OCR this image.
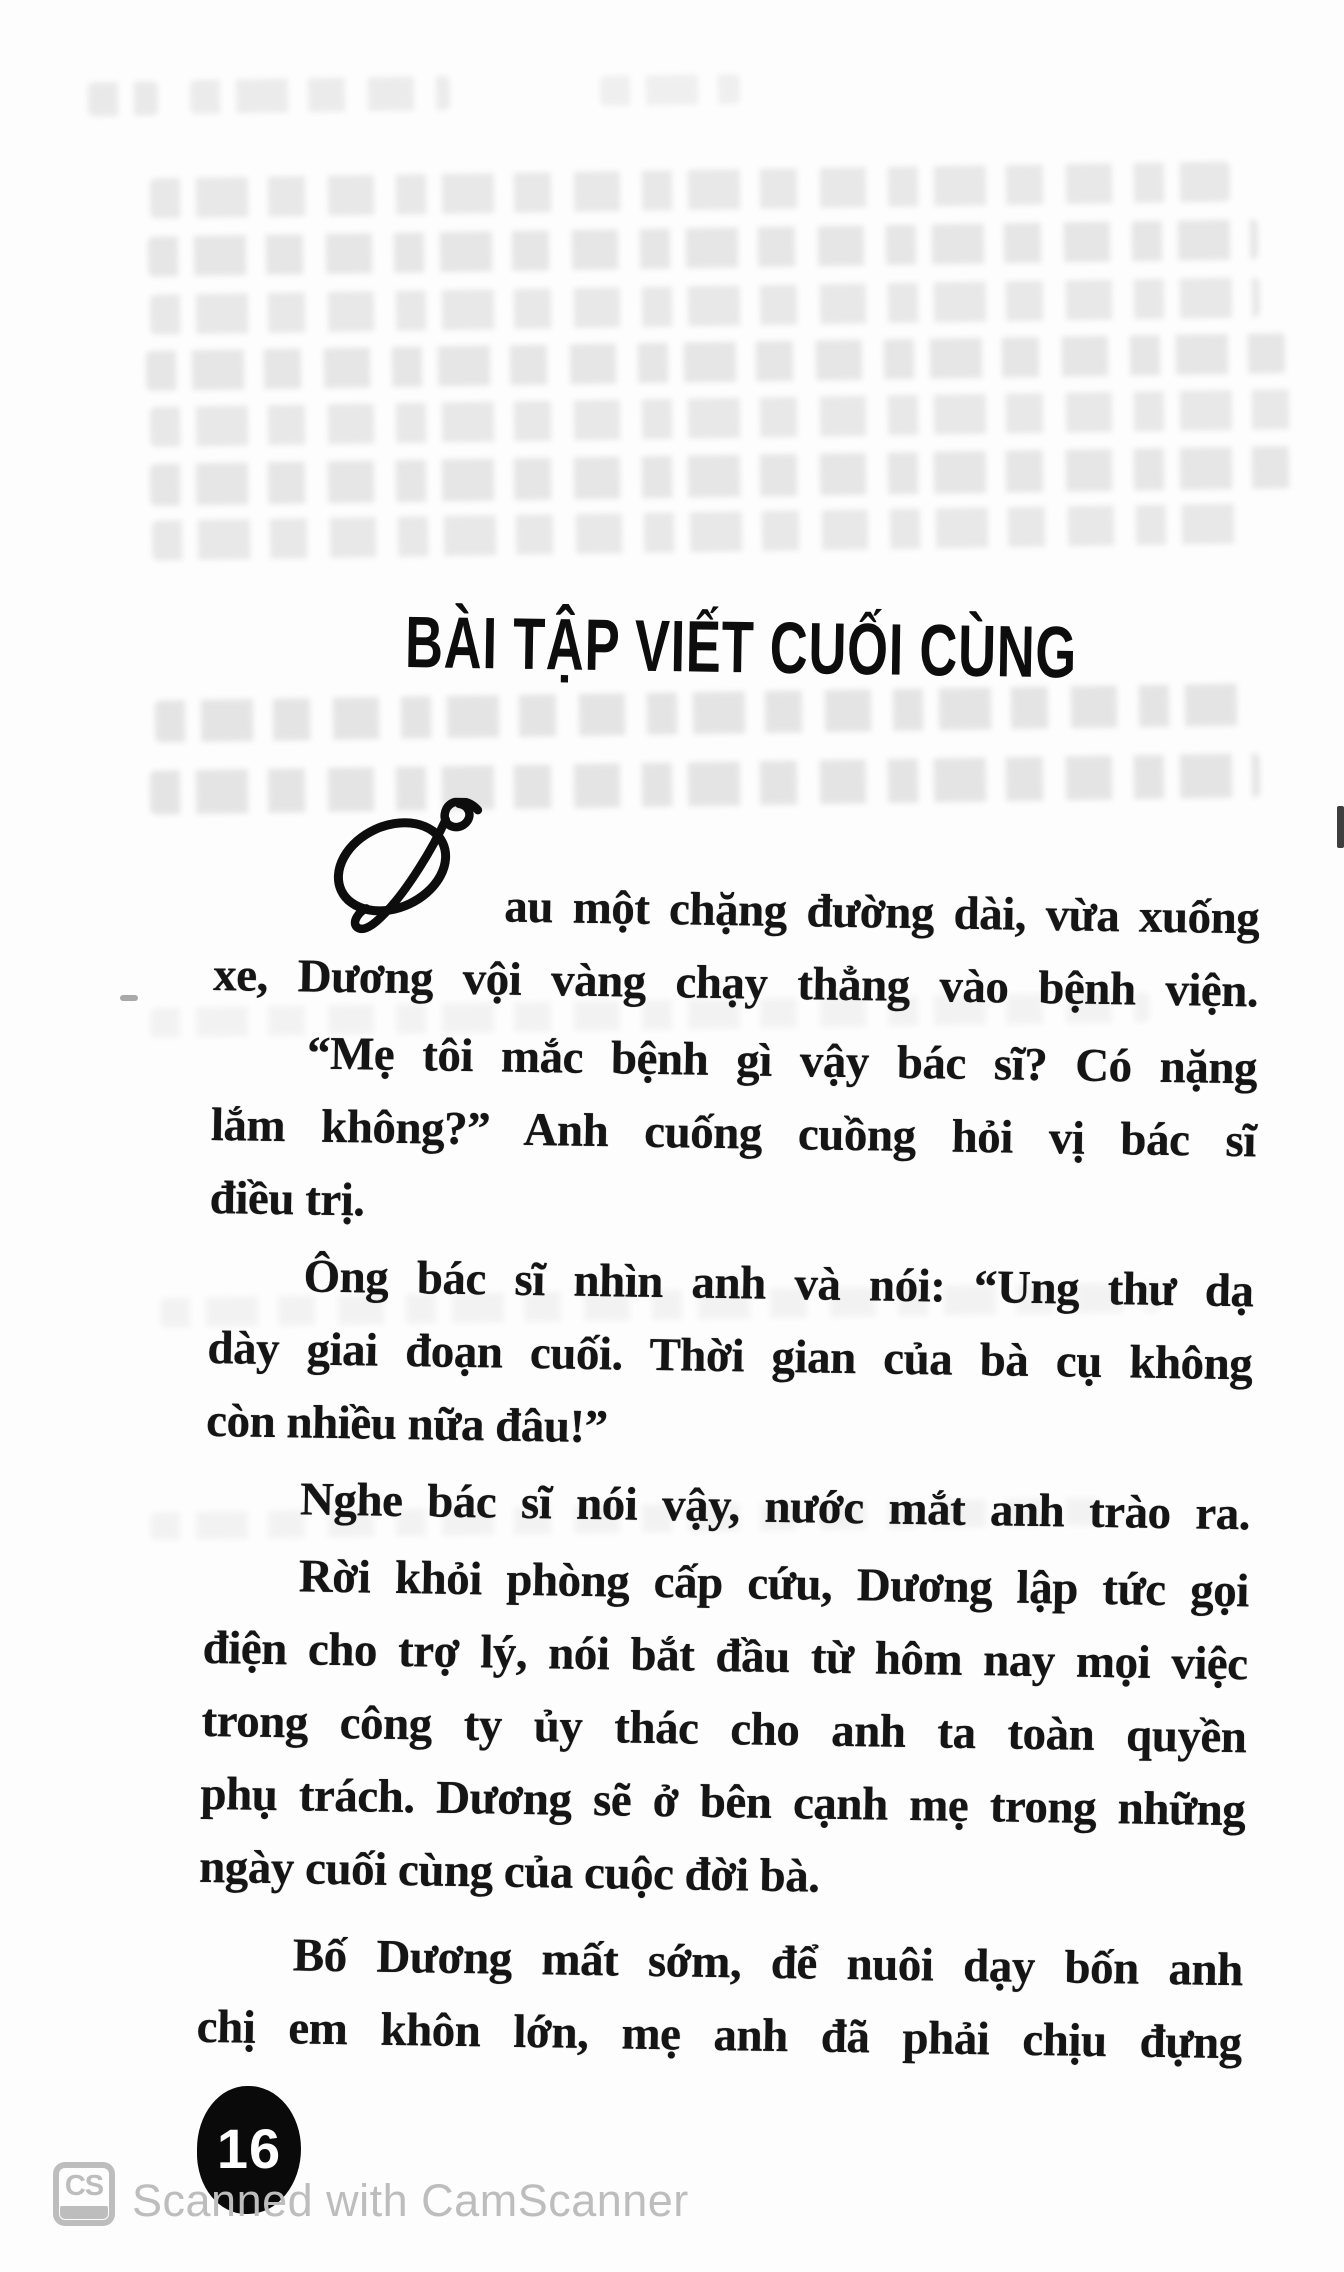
BÀI TẬP VIẾT CUỐI CÙNG

au một chặng đường dài, vừa xuống
xe, Dương vội vàng chạy thẳng vào bệnh viện.

“Mẹ tôi mắc bệnh gì vậy bác sĩ? Có nặng
lắm không?” Anh cuống cuồng hỏi vị bác sĩ
điều trị.

Ông bác sĩ nhìn anh và nói: “Ung thư dạ
dày giai đoạn cuối. Thời gian của bà cụ không
còn nhiều nữa đâu!”

Nghe bác sĩ nói vậy, nước mắt anh trào ra.

Rời khỏi phòng cấp cứu, Dương lập tức gọi
điện cho trợ lý, nói bắt đầu từ hôm nay mọi việc
trong công ty ủy thác cho anh ta toàn quyền
phụ trách. Dương sẽ ở bên cạnh mẹ trong những
ngày cuối cùng của cuộc đời bà.

Bố Dương mất sớm, để nuôi dạy bốn anh
chị em khôn lớn, mẹ anh đã phải chịu đựng

16
CS Scanned with CamScanner
